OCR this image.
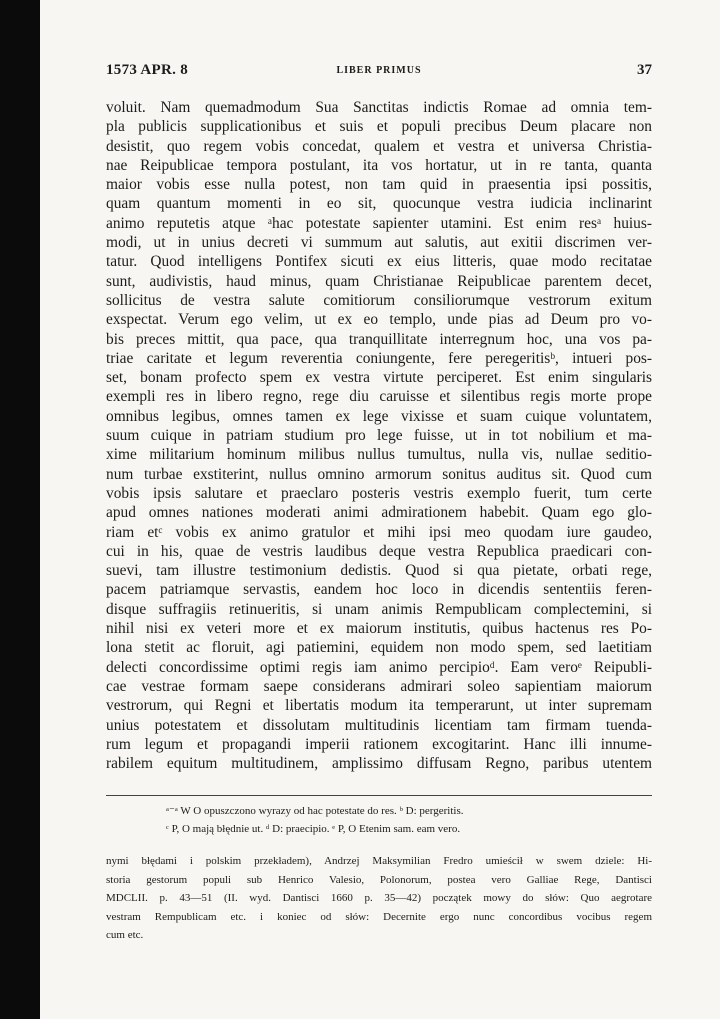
1573 APR. 8	LIBER PRIMUS	37
voluit. Nam quemadmodum Sua Sanctitas indictis Romae ad omnia tem-
pla publicis supplicationibus et suis et populi precibus Deum placare non
desistit, quo regem vobis concedat, qualem et vestra et universa Christia-
nae Reipublicae tempora postulant, ita vos hortatur, ut in re tanta, quanta
maior vobis esse nulla potest, non tam quid in praesentia ipsi possitis,
quam quantum momenti in eo sit, quocunque vestra iudicia inclinarint
animo reputetis atque ᵃhac potestate sapienter utamini. Est enim resᵃ huius-
modi, ut in unius decreti vi summum aut salutis, aut exitii discrimen ver-
tatur. Quod intelligens Pontifex sicuti ex eius litteris, quae modo recitatae
sunt, audivistis, haud minus, quam Christianae Reipublicae parentem decet,
sollicitus de vestra salute comitiorum consiliorumque vestrorum exitum
exspectat. Verum ego velim, ut ex eo templo, unde pias ad Deum pro vo-
bis preces mittit, qua pace, qua tranquillitate interregnum hoc, una vos pa-
triae caritate et legum reverentia coniungente, fere peregeritisᵇ, intueri pos-
set, bonam profecto spem ex vestra virtute perciperet. Est enim singularis
exempli res in libero regno, rege diu caruisse et silentibus regis morte prope
omnibus legibus, omnes tamen ex lege vixisse et suam cuique voluntatem,
suum cuique in patriam studium pro lege fuisse, ut in tot nobilium et ma-
xime militarium hominum milibus nullus tumultus, nulla vis, nullae seditio-
num turbae exstiterint, nullus omnino armorum sonitus auditus sit. Quod cum
vobis ipsis salutare et praeclaro posteris vestris exemplo fuerit, tum certe
apud omnes nationes moderati animi admirationem habebit. Quam ego glo-
riam etᶜ vobis ex animo gratulor et mihi ipsi meo quodam iure gaudeo,
cui in his, quae de vestris laudibus deque vestra Republica praedicari con-
suevi, tam illustre testimonium dedistis. Quod si qua pietate, orbati rege,
pacem patriamque servastis, eandem hoc loco in dicendis sententiis feren-
disque suffragiis retinueritis, si unam animis Rempublicam complectemini, si
nihil nisi ex veteri more et ex maiorum institutis, quibus hactenus res Po-
lona stetit ac floruit, agi patiemini, equidem non modo spem, sed laetitiam
delecti concordissime optimi regis iam animo percipioᵈ. Eam veroᵉ Reipubli-
cae vestrae formam saepe considerans admirari soleo sapientiam maiorum
vestrorum, qui Regni et libertatis modum ita temperarunt, ut inter supremam
unius potestatem et dissolutam multitudinis licentiam tam firmam tuenda-
rum legum et propagandi imperii rationem excogitarint. Hanc illi innume-
rabilem equitum multitudinem, amplissimo diffusam Regno, paribus utentem
ᵃ⁻ᵃ W O opuszczono wyrazy od hac potestate do res. ᵇ D: pergeritis.
ᶜ P, O mają błędnie ut. ᵈ D: praecipio. ᵉ P, O Etenim sam. eam vero.
nymi błędami i polskim przekładem), Andrzej Maksymilian Fredro umieścił w swem dziele: Hi-
storia gestorum populi sub Henrico Valesio, Polonorum, postea vero Galliae Rege, Dantisci
MDCLII. p. 43—51 (II. wyd. Dantisci 1660 p. 35—42) początek mowy do słów: Quo aegrotare
vestram Rempublicam etc. i koniec od słów: Decernite ergo nunc concordibus vocibus regem
cum etc.
